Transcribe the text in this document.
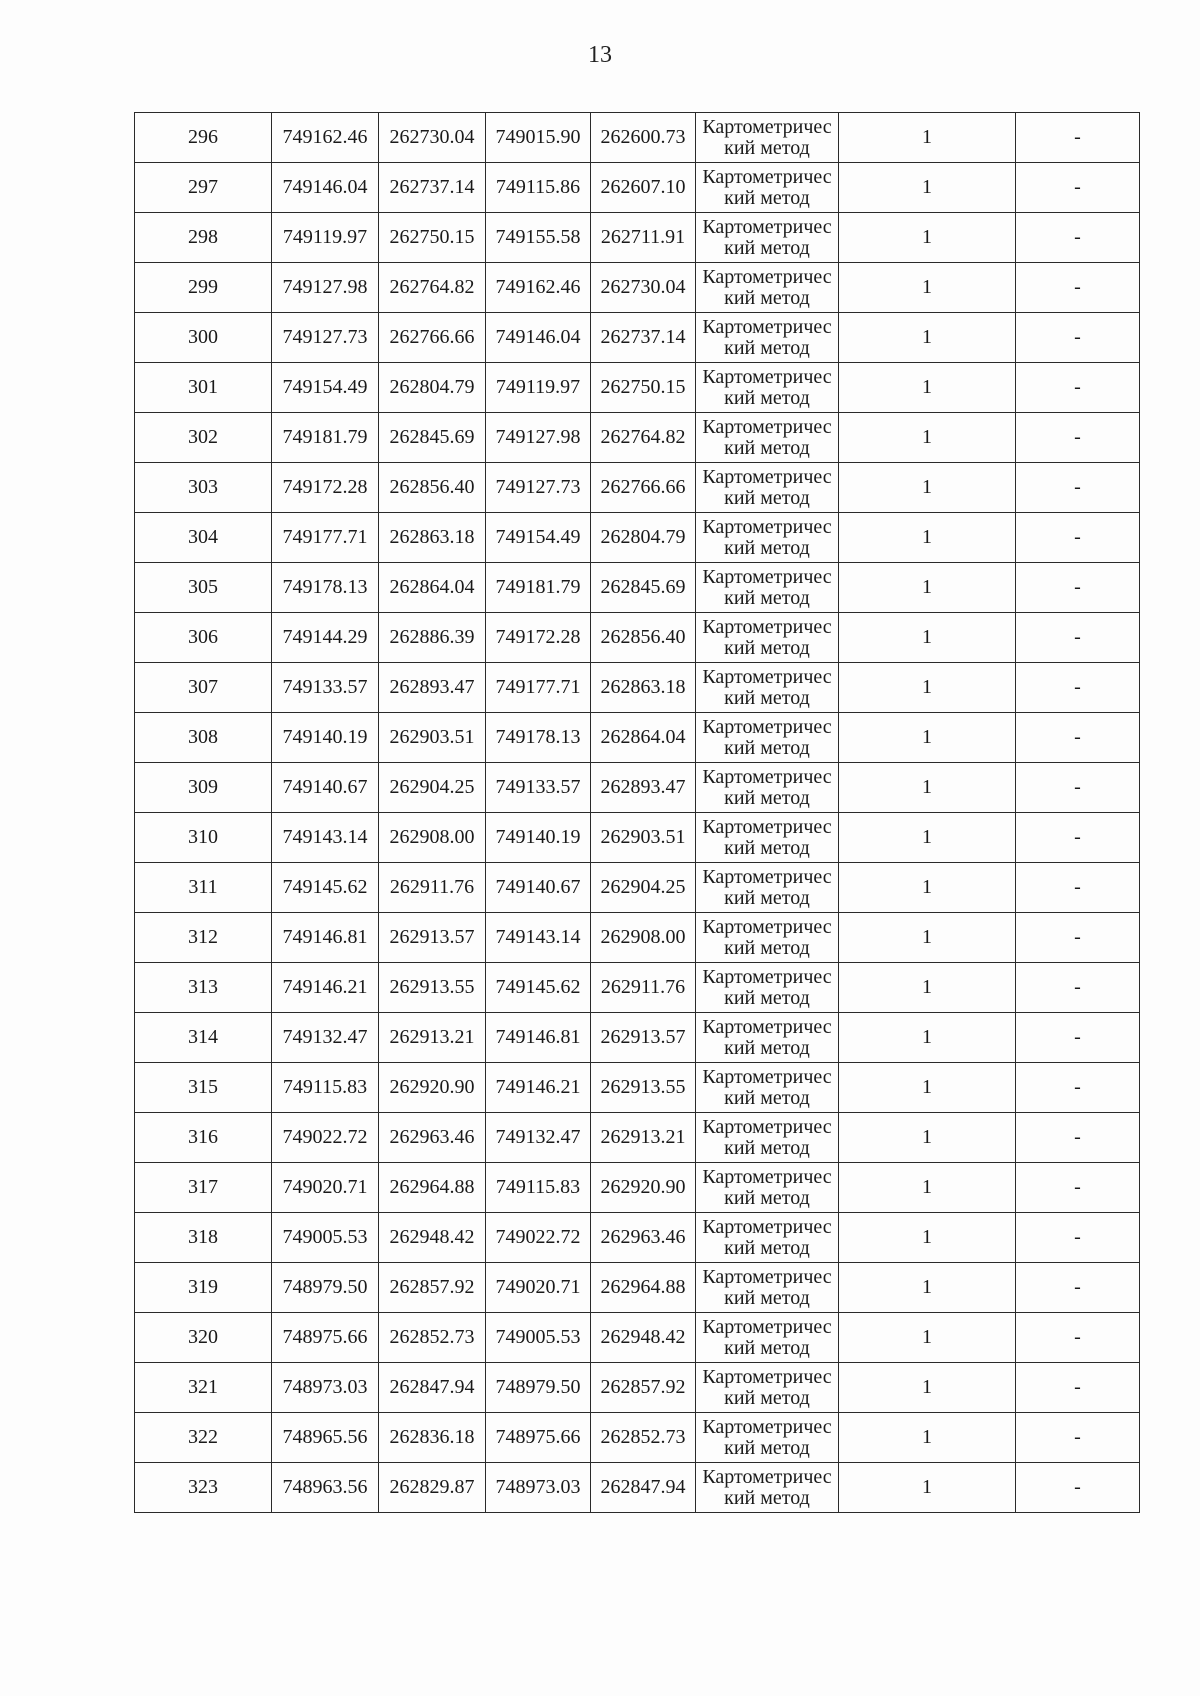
13
296	749162.46	262730.04	749015.90	262600.73	Картометричес
кий метод	1	-
297	749146.04	262737.14	749115.86	262607.10	Картометричес
кий метод	1	-
298	749119.97	262750.15	749155.58	262711.91	Картометричес
кий метод	1	-
299	749127.98	262764.82	749162.46	262730.04	Картометричес
кий метод	1	-
300	749127.73	262766.66	749146.04	262737.14	Картометричес
кий метод	1	-
301	749154.49	262804.79	749119.97	262750.15	Картометричес
кий метод	1	-
302	749181.79	262845.69	749127.98	262764.82	Картометричес
кий метод	1	-
303	749172.28	262856.40	749127.73	262766.66	Картометричес
кий метод	1	-
304	749177.71	262863.18	749154.49	262804.79	Картометричес
кий метод	1	-
305	749178.13	262864.04	749181.79	262845.69	Картометричес
кий метод	1	-
306	749144.29	262886.39	749172.28	262856.40	Картометричес
кий метод	1	-
307	749133.57	262893.47	749177.71	262863.18	Картометричес
кий метод	1	-
308	749140.19	262903.51	749178.13	262864.04	Картометричес
кий метод	1	-
309	749140.67	262904.25	749133.57	262893.47	Картометричес
кий метод	1	-
310	749143.14	262908.00	749140.19	262903.51	Картометричес
кий метод	1	-
311	749145.62	262911.76	749140.67	262904.25	Картометричес
кий метод	1	-
312	749146.81	262913.57	749143.14	262908.00	Картометричес
кий метод	1	-
313	749146.21	262913.55	749145.62	262911.76	Картометричес
кий метод	1	-
314	749132.47	262913.21	749146.81	262913.57	Картометричес
кий метод	1	-
315	749115.83	262920.90	749146.21	262913.55	Картометричес
кий метод	1	-
316	749022.72	262963.46	749132.47	262913.21	Картометричес
кий метод	1	-
317	749020.71	262964.88	749115.83	262920.90	Картометричес
кий метод	1	-
318	749005.53	262948.42	749022.72	262963.46	Картометричес
кий метод	1	-
319	748979.50	262857.92	749020.71	262964.88	Картометричес
кий метод	1	-
320	748975.66	262852.73	749005.53	262948.42	Картометричес
кий метод	1	-
321	748973.03	262847.94	748979.50	262857.92	Картометричес
кий метод	1	-
322	748965.56	262836.18	748975.66	262852.73	Картометричес
кий метод	1	-
323	748963.56	262829.87	748973.03	262847.94	Картометричес
кий метод	1	-
